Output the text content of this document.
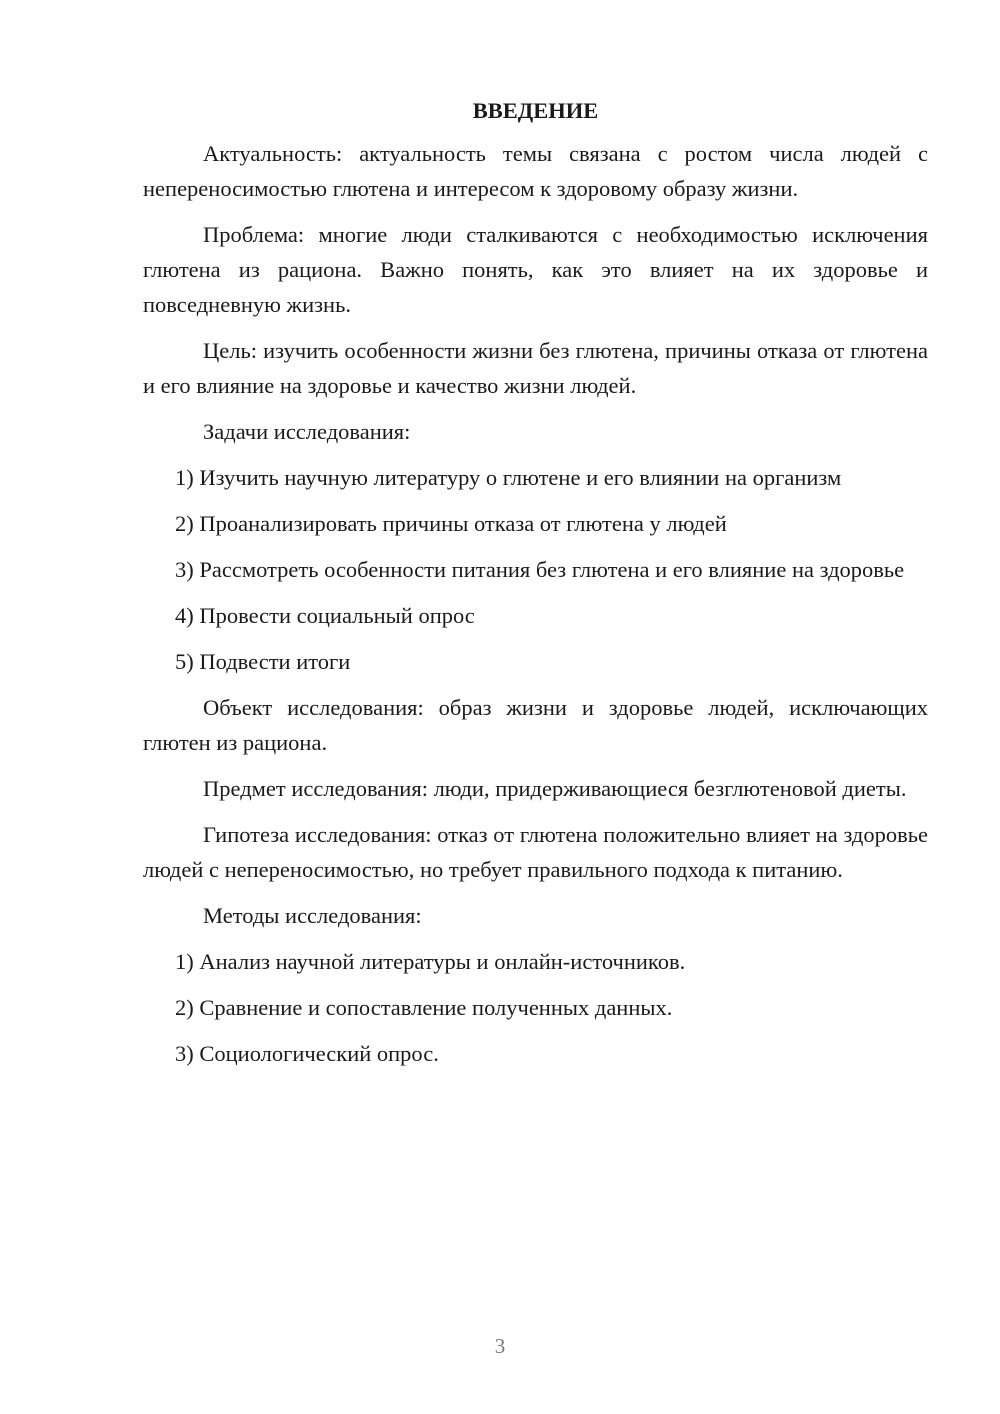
ВВЕДЕНИЕ

Актуальность: актуальность темы связана с ростом числа людей с непереносимостью глютена и интересом к здоровому образу жизни.

Проблема: многие люди сталкиваются с необходимостью исключения глютена из рациона. Важно понять, как это влияет на их здоровье и повседневную жизнь.

Цель: изучить особенности жизни без глютена, причины отказа от глютена и его влияние на здоровье и качество жизни людей.

Задачи исследования:

1) Изучить научную литературу о глютене и его влиянии на организм

2) Проанализировать причины отказа от глютена у людей

3) Рассмотреть особенности питания без глютена и его влияние на здоровье

4) Провести социальный опрос

5) Подвести итоги

Объект исследования: образ жизни и здоровье людей, исключающих глютен из рациона.

Предмет исследования: люди, придерживающиеся безглютеновой диеты.

Гипотеза исследования: отказ от глютена положительно влияет на здоровье людей с непереносимостью, но требует правильного подхода к питанию.

Методы исследования:

1) Анализ научной литературы и онлайн-источников.

2) Сравнение и сопоставление полученных данных.

3) Социологический опрос.

3
